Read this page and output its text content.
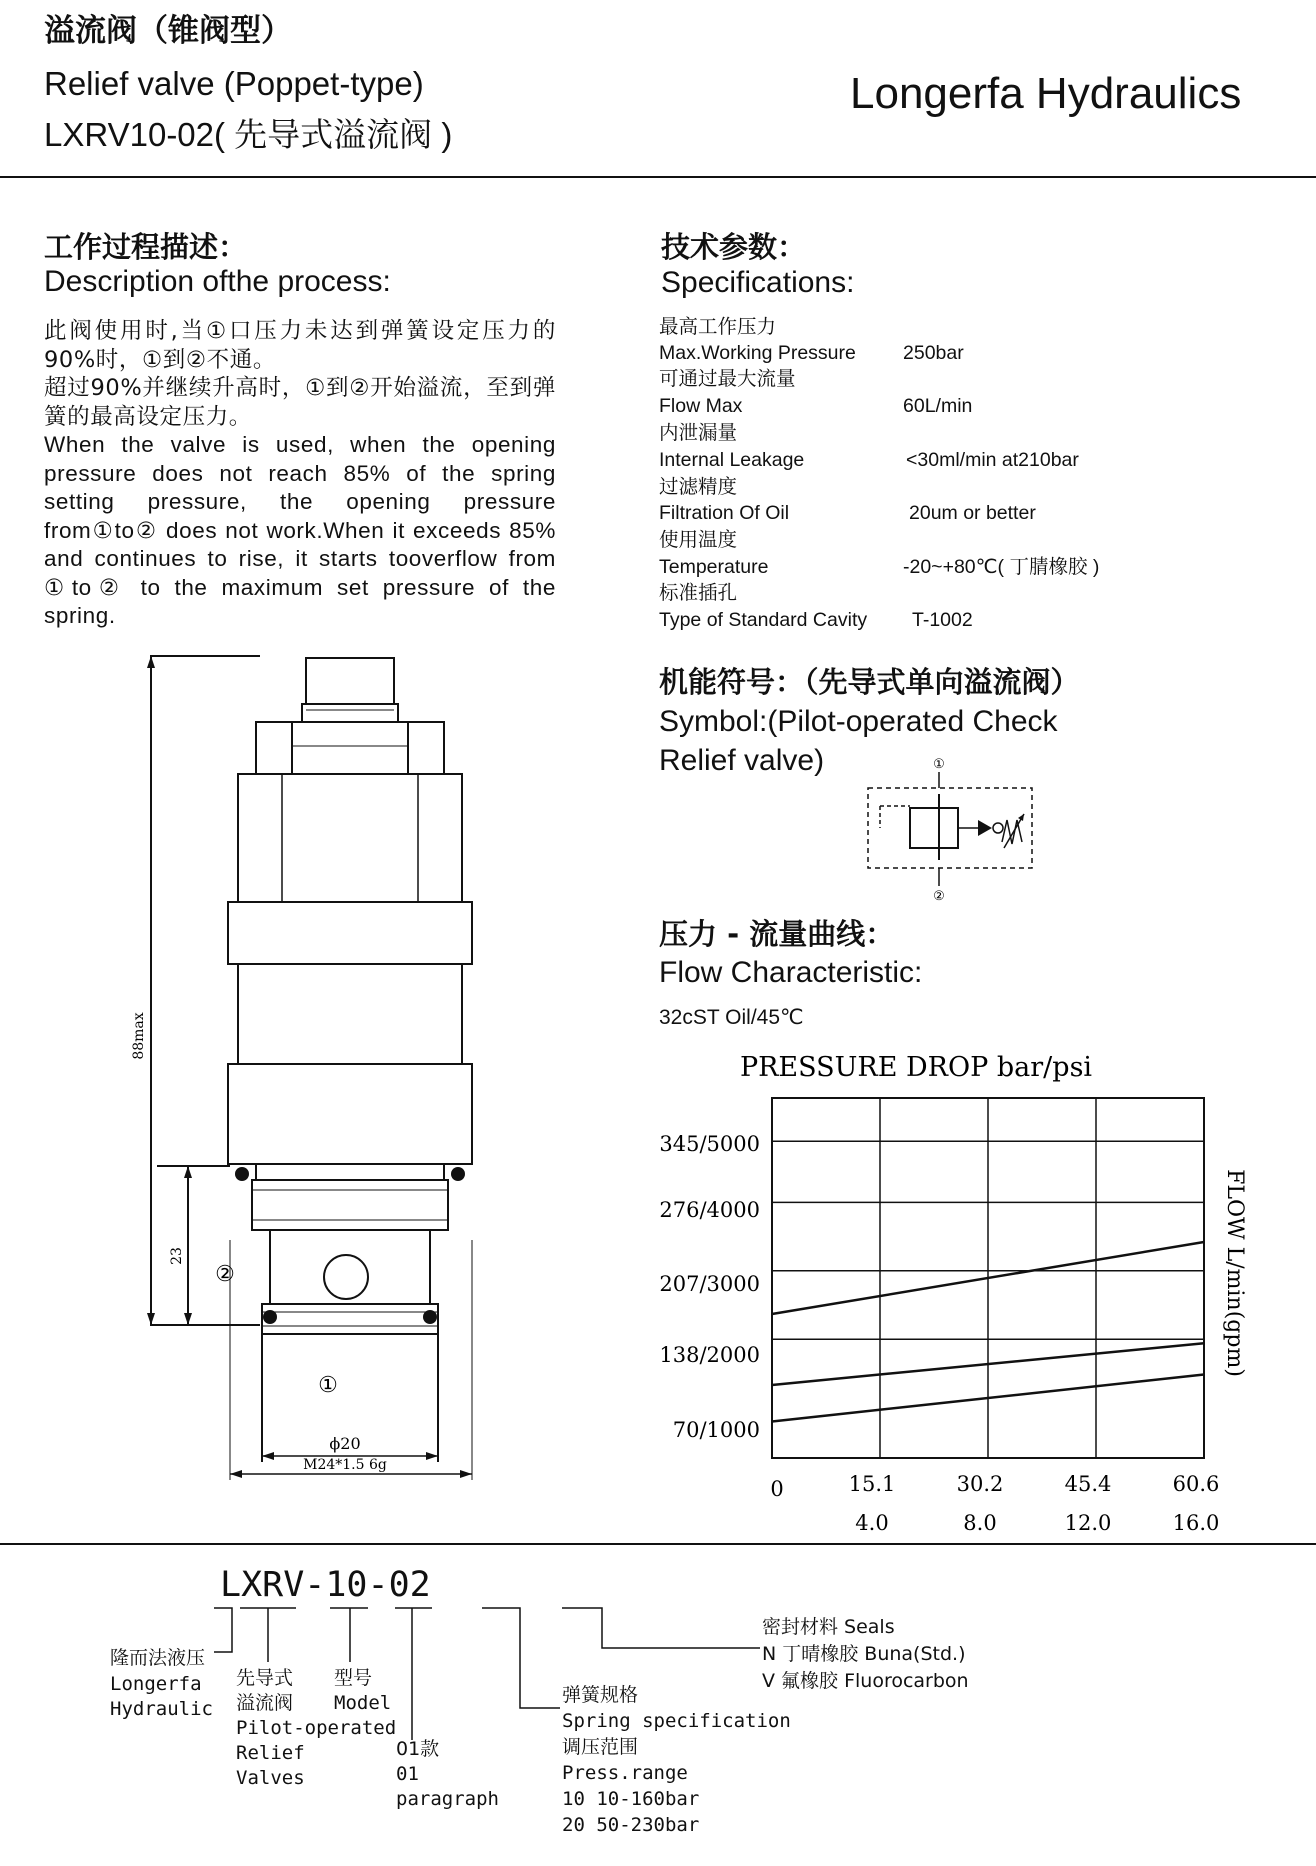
溢流阀（锥阀型）
Relief valve (Poppet-type)
LXRV10-02( 先导式溢流阀 )
Longerfa Hydraulics
工作过程描述：
Description ofthe process:
此阀使用时,当①口压力未达到弹簧设定压力的90%时，①到②不通。
超过90%并继续升高时，①到②开始溢流，至到弹簧的最高设定压力。
When the valve is used, when the opening pressure does not reach 85% of the spring setting pressure, the opening pressure from①to② does not work.When it exceeds 85% and continues to rise, it starts tooverflow from ①to② to the maximum set pressure of the spring.
技术参数：
Specifications:
最高工作压力
Max.Working Pressure 250bar
可通过最大流量
Flow Max	60L/min
内泄漏量
Internal Leakage	<30ml/min at210bar
过滤精度
Filtration Of Oil	20um or better
使用温度
Temperature	-20~+80℃( 丁腈橡胶 )
标准插孔
Type of Standard Cavity T-1002
机能符号：（先导式单向溢流阀）
Symbol:(Pilot-operated Check
Relief valve)	①
②
88max
23
②
①
ϕ20
M24*1.5 6g
压力 - 流量曲线：
Flow Characteristic:
32cST Oil/45℃
PRESSURE DROP bar/psi
FLOW L/min(gpm)
345/5000
276/4000
207/3000
138/2000
70/1000
15.1	30.2	45.4	60.6
4.0	8.0	12.0	16.0
0
LXRV-10-02
隆而法液压
Longerfa
Hydraulic
先导式
溢流阀
Pilot-operated
Relief
Valves
型号
Model
01款
01
paragraph
弹簧规格
Spring specification
调压范围
Press.range
10 10-160bar
20 50-230bar
密封材料 Seals
N 丁晴橡胶 Buna(Std.)
V 氟橡胶 Fluorocarbon
